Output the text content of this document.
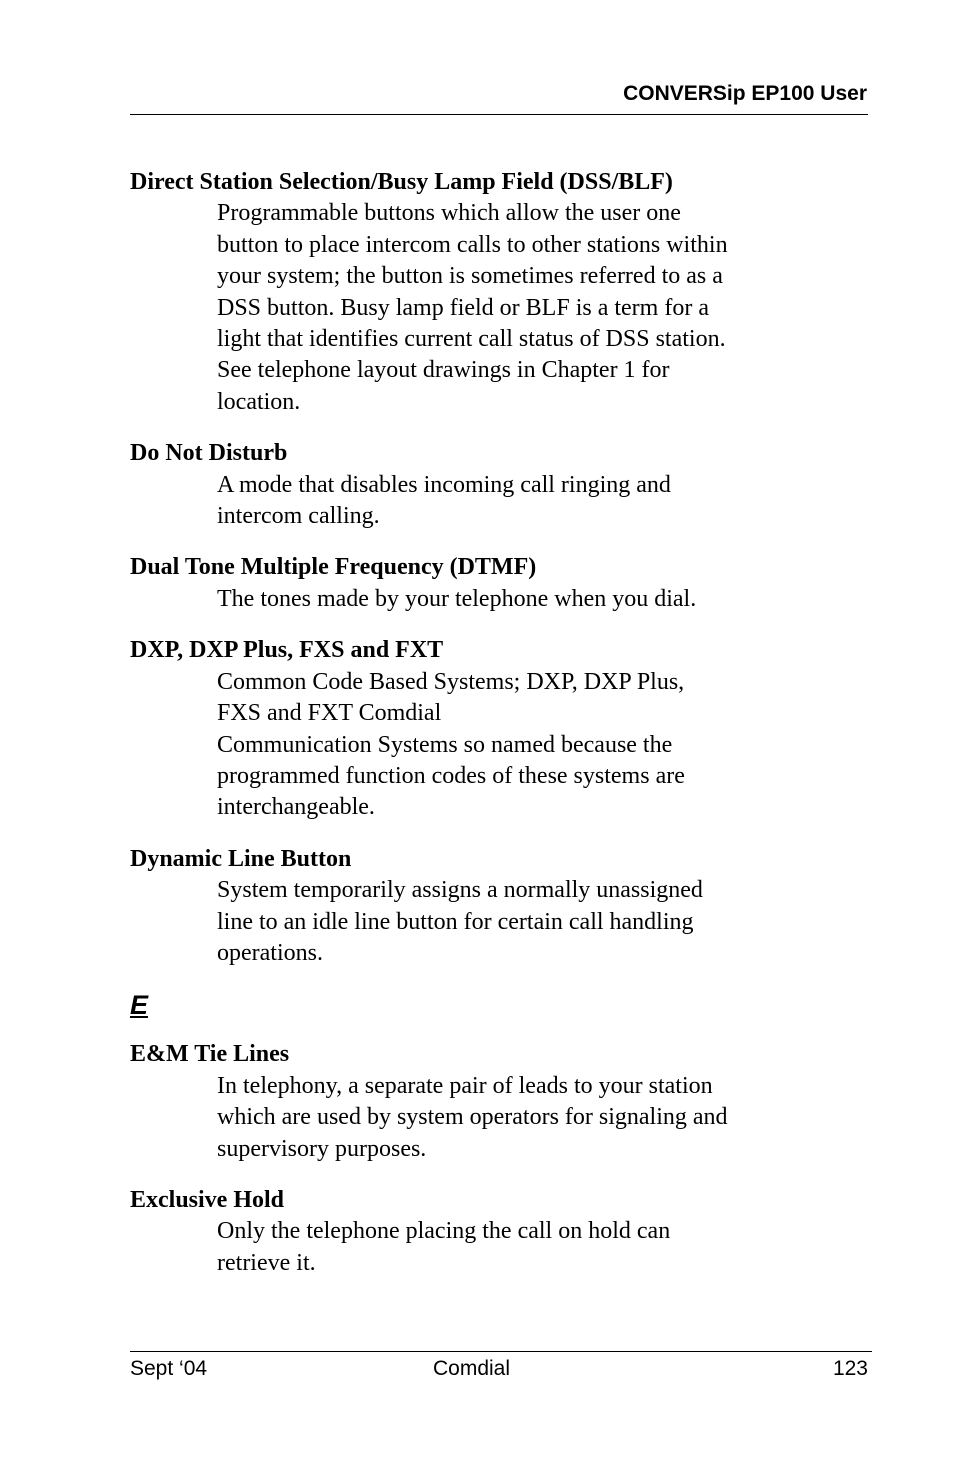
CONVERSip EP100 User
Direct Station Selection/Busy Lamp Field (DSS/BLF)
Programmable buttons which allow the user one
button to place intercom calls to other stations within
your system; the button is sometimes referred to as a
DSS button. Busy lamp field or BLF is a term for a
light that identifies current call status of DSS station.
See telephone layout drawings in Chapter 1 for
location.
Do Not Disturb
A mode that disables incoming call ringing and
intercom calling.
Dual Tone Multiple Frequency (DTMF)
The tones made by your telephone when you dial.
DXP, DXP Plus, FXS and FXT
Common Code Based Systems; DXP, DXP Plus,
FXS and FXT Comdial
Communication Systems so named because the
programmed function codes of these systems are
interchangeable.
Dynamic Line Button
System temporarily assigns a normally unassigned
line to an idle line button for certain call handling
operations.
E
E&M Tie Lines
In telephony, a separate pair of leads to your station
which are used by system operators for signaling and
supervisory purposes.
Exclusive Hold
Only the telephone placing the call on hold can
retrieve it.
Sept ‘04	Comdial	123
